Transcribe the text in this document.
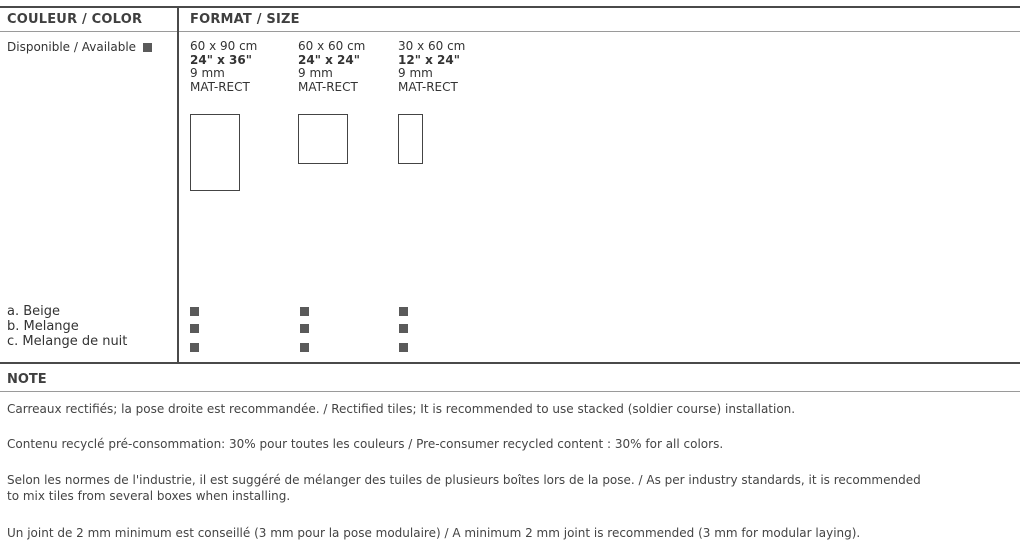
COULEUR / COLOR	FORMAT / SIZE
Disponible / Available	60 x 90 cm
24" x 36"
9 mm
MAT-RECT
60 x 60 cm
24" x 24"
9 mm
MAT-RECT
30 x 60 cm
12" x 24"
9 mm
MAT-RECT
a. Beige
b. Melange
c. Melange de nuit
NOTE
Carreaux rectifiés; la pose droite est recommandée. / Rectified tiles; It is recommended to use stacked (soldier course) installation.
Contenu recyclé pré-consommation: 30% pour toutes les couleurs / Pre-consumer recycled content : 30% for all colors.
Selon les normes de l'industrie, il est suggéré de mélanger des tuiles de plusieurs boîtes lors de la pose. / As per industry standards, it is recommended
to mix tiles from several boxes when installing.
Un joint de 2 mm minimum est conseillé (3 mm pour la pose modulaire) / A minimum 2 mm joint is recommended (3 mm for modular laying).
